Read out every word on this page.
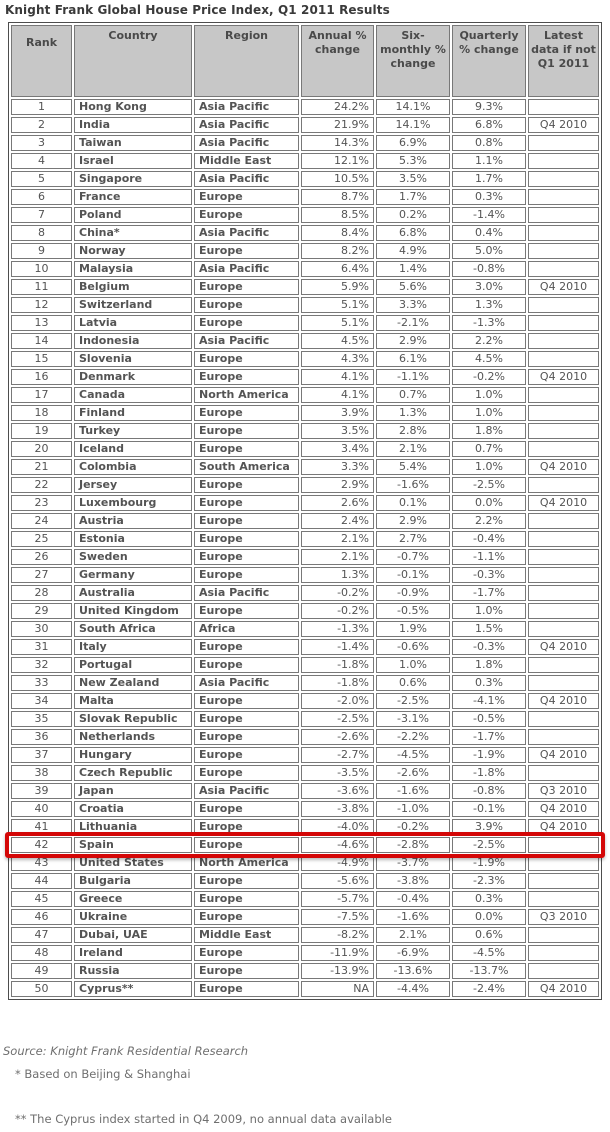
Knight Frank Global House Price Index, Q1 2011 Results
Rank	Country	Region	Annual % change	Six-monthly % change	Quarterly % change	Latest data if not Q1 2011
1	Hong Kong	Asia Pacific	24.2%	14.1%	9.3%	
2	India	Asia Pacific	21.9%	14.1%	6.8%	Q4 2010
3	Taiwan	Asia Pacific	14.3%	6.9%	0.8%	
4	Israel	Middle East	12.1%	5.3%	1.1%	
5	Singapore	Asia Pacific	10.5%	3.5%	1.7%	
6	France	Europe	8.7%	1.7%	0.3%	
7	Poland	Europe	8.5%	0.2%	-1.4%	
8	China*	Asia Pacific	8.4%	6.8%	0.4%	
9	Norway	Europe	8.2%	4.9%	5.0%	
10	Malaysia	Asia Pacific	6.4%	1.4%	-0.8%	
11	Belgium	Europe	5.9%	5.6%	3.0%	Q4 2010
12	Switzerland	Europe	5.1%	3.3%	1.3%	
13	Latvia	Europe	5.1%	-2.1%	-1.3%	
14	Indonesia	Asia Pacific	4.5%	2.9%	2.2%	
15	Slovenia	Europe	4.3%	6.1%	4.5%	
16	Denmark	Europe	4.1%	-1.1%	-0.2%	Q4 2010
17	Canada	North America	4.1%	0.7%	1.0%	
18	Finland	Europe	3.9%	1.3%	1.0%	
19	Turkey	Europe	3.5%	2.8%	1.8%	
20	Iceland	Europe	3.4%	2.1%	0.7%	
21	Colombia	South America	3.3%	5.4%	1.0%	Q4 2010
22	Jersey	Europe	2.9%	-1.6%	-2.5%	
23	Luxembourg	Europe	2.6%	0.1%	0.0%	Q4 2010
24	Austria	Europe	2.4%	2.9%	2.2%	
25	Estonia	Europe	2.1%	2.7%	-0.4%	
26	Sweden	Europe	2.1%	-0.7%	-1.1%	
27	Germany	Europe	1.3%	-0.1%	-0.3%	
28	Australia	Asia Pacific	-0.2%	-0.9%	-1.7%	
29	United Kingdom	Europe	-0.2%	-0.5%	1.0%	
30	South Africa	Africa	-1.3%	1.9%	1.5%	
31	Italy	Europe	-1.4%	-0.6%	-0.3%	Q4 2010
32	Portugal	Europe	-1.8%	1.0%	1.8%	
33	New Zealand	Asia Pacific	-1.8%	0.6%	0.3%	
34	Malta	Europe	-2.0%	-2.5%	-4.1%	Q4 2010
35	Slovak Republic	Europe	-2.5%	-3.1%	-0.5%	
36	Netherlands	Europe	-2.6%	-2.2%	-1.7%	
37	Hungary	Europe	-2.7%	-4.5%	-1.9%	Q4 2010
38	Czech Republic	Europe	-3.5%	-2.6%	-1.8%	
39	Japan	Asia Pacific	-3.6%	-1.6%	-0.8%	Q3 2010
40	Croatia	Europe	-3.8%	-1.0%	-0.1%	Q4 2010
41	Lithuania	Europe	-4.0%	-0.2%	3.9%	Q4 2010
42	Spain	Europe	-4.6%	-2.8%	-2.5%	
43	United States	North America	-4.9%	-3.7%	-1.9%	
44	Bulgaria	Europe	-5.6%	-3.8%	-2.3%	
45	Greece	Europe	-5.7%	-0.4%	0.3%	
46	Ukraine	Europe	-7.5%	-1.6%	0.0%	Q3 2010
47	Dubai, UAE	Middle East	-8.2%	2.1%	0.6%	
48	Ireland	Europe	-11.9%	-6.9%	-4.5%	
49	Russia	Europe	-13.9%	-13.6%	-13.7%	
50	Cyprus**	Europe	NA	-4.4%	-2.4%	Q4 2010
Source: Knight Frank Residential Research
* Based on Beijing & Shanghai
** The Cyprus index started in Q4 2009, no annual data available
